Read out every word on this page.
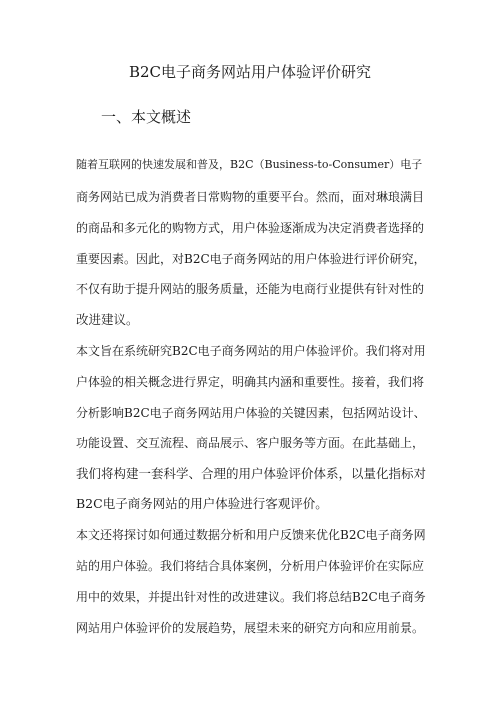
B2C电子商务网站用户体验评价研究
一、本文概述
随着互联网的快速发展和普及，B2C（Business-to-Consumer）电子
商务网站已成为消费者日常购物的重要平台。然而，面对琳琅满目
的商品和多元化的购物方式，用户体验逐渐成为决定消费者选择的
重要因素。因此，对B2C电子商务网站的用户体验进行评价研究，
不仅有助于提升网站的服务质量，还能为电商行业提供有针对性的
改进建议。
本文旨在系统研究B2C电子商务网站的用户体验评价。我们将对用
户体验的相关概念进行界定，明确其内涵和重要性。接着，我们将
分析影响B2C电子商务网站用户体验的关键因素，包括网站设计、
功能设置、交互流程、商品展示、客户服务等方面。在此基础上，
我们将构建一套科学、合理的用户体验评价体系，以量化指标对
B2C电子商务网站的用户体验进行客观评价。
本文还将探讨如何通过数据分析和用户反馈来优化B2C电子商务网
站的用户体验。我们将结合具体案例，分析用户体验评价在实际应
用中的效果，并提出针对性的改进建议。我们将总结B2C电子商务
网站用户体验评价的发展趋势，展望未来的研究方向和应用前景。
